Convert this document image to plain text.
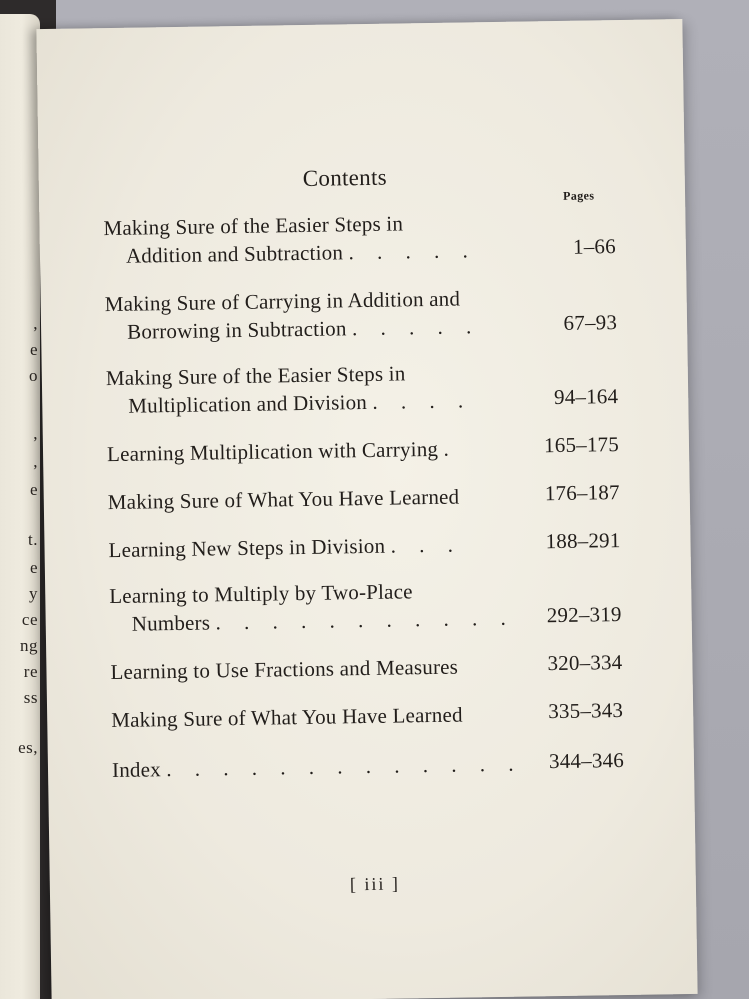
,
e
o
,
,
e
t.
e
y
ce
ng
re
ss
es,
Contents
Pages
Making Sure of the Easier Steps in
Addition and Subtraction . . . . .	1–66
Making Sure of Carrying in Addition and
Borrowing in Subtraction . . . . .	67–93
Making Sure of the Easier Steps in
Multiplication and Division . . . .	94–164
Learning Multiplication with Carrying .	165–175
Making Sure of What You Have Learned	176–187
Learning New Steps in Division . . .	188–291
Learning to Multiply by Two-Place
Numbers . . . . . . . . . . .	292–319
Learning to Use Fractions and Measures	320–334
Making Sure of What You Have Learned	335–343
Index . . . . . . . . . . . . .	344–346
[ iii ]
